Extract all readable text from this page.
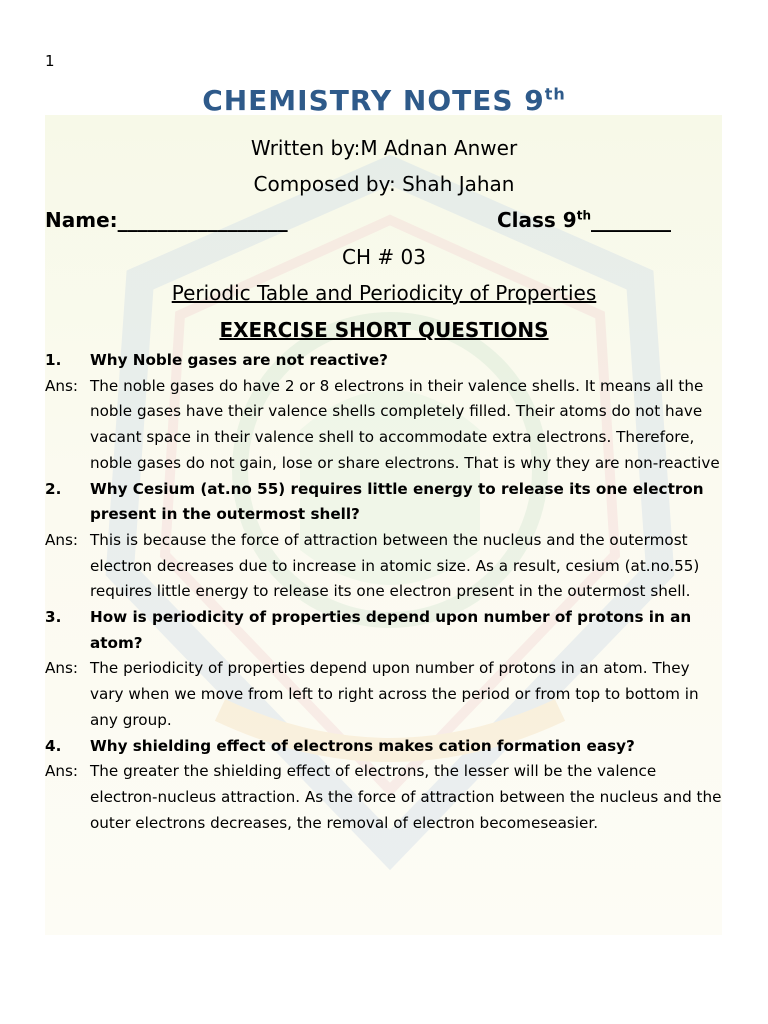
1
CHEMISTRY NOTES 9th
Written by:M Adnan Anwer
Composed by: Shah Jahan
Name:_________________	Class 9th________
CH # 03
Periodic Table and Periodicity of Properties
EXERCISE SHORT QUESTIONS
1.	Why Noble gases are not reactive?
Ans: The noble gases do have 2 or 8 electrons in their valence shells. It means all the noble gases have their valence shells completely filled. Their atoms do not have vacant space in their valence shell to accommodate extra electrons. Therefore, noble gases do not gain, lose or share electrons. That is why they are non-reactive
2.	Why Cesium (at.no 55) requires little energy to release its one electron present in the outermost shell?
Ans: This is because the force of attraction between the nucleus and the outermost electron decreases due to increase in atomic size. As a result, cesium (at.no.55) requires little energy to release its one electron present in the outermost shell.
3.	How is periodicity of properties depend upon number of protons in an atom?
Ans: The periodicity of properties depend upon number of protons in an atom. They vary when we move from left to right across the period or from top to bottom in any group.
4.	Why shielding effect of electrons makes cation formation easy?
Ans: The greater the shielding effect of electrons, the lesser will be the valence electron-nucleus attraction. As the force of attraction between the nucleus and the outer electrons decreases, the removal of electron becomeseasier.
